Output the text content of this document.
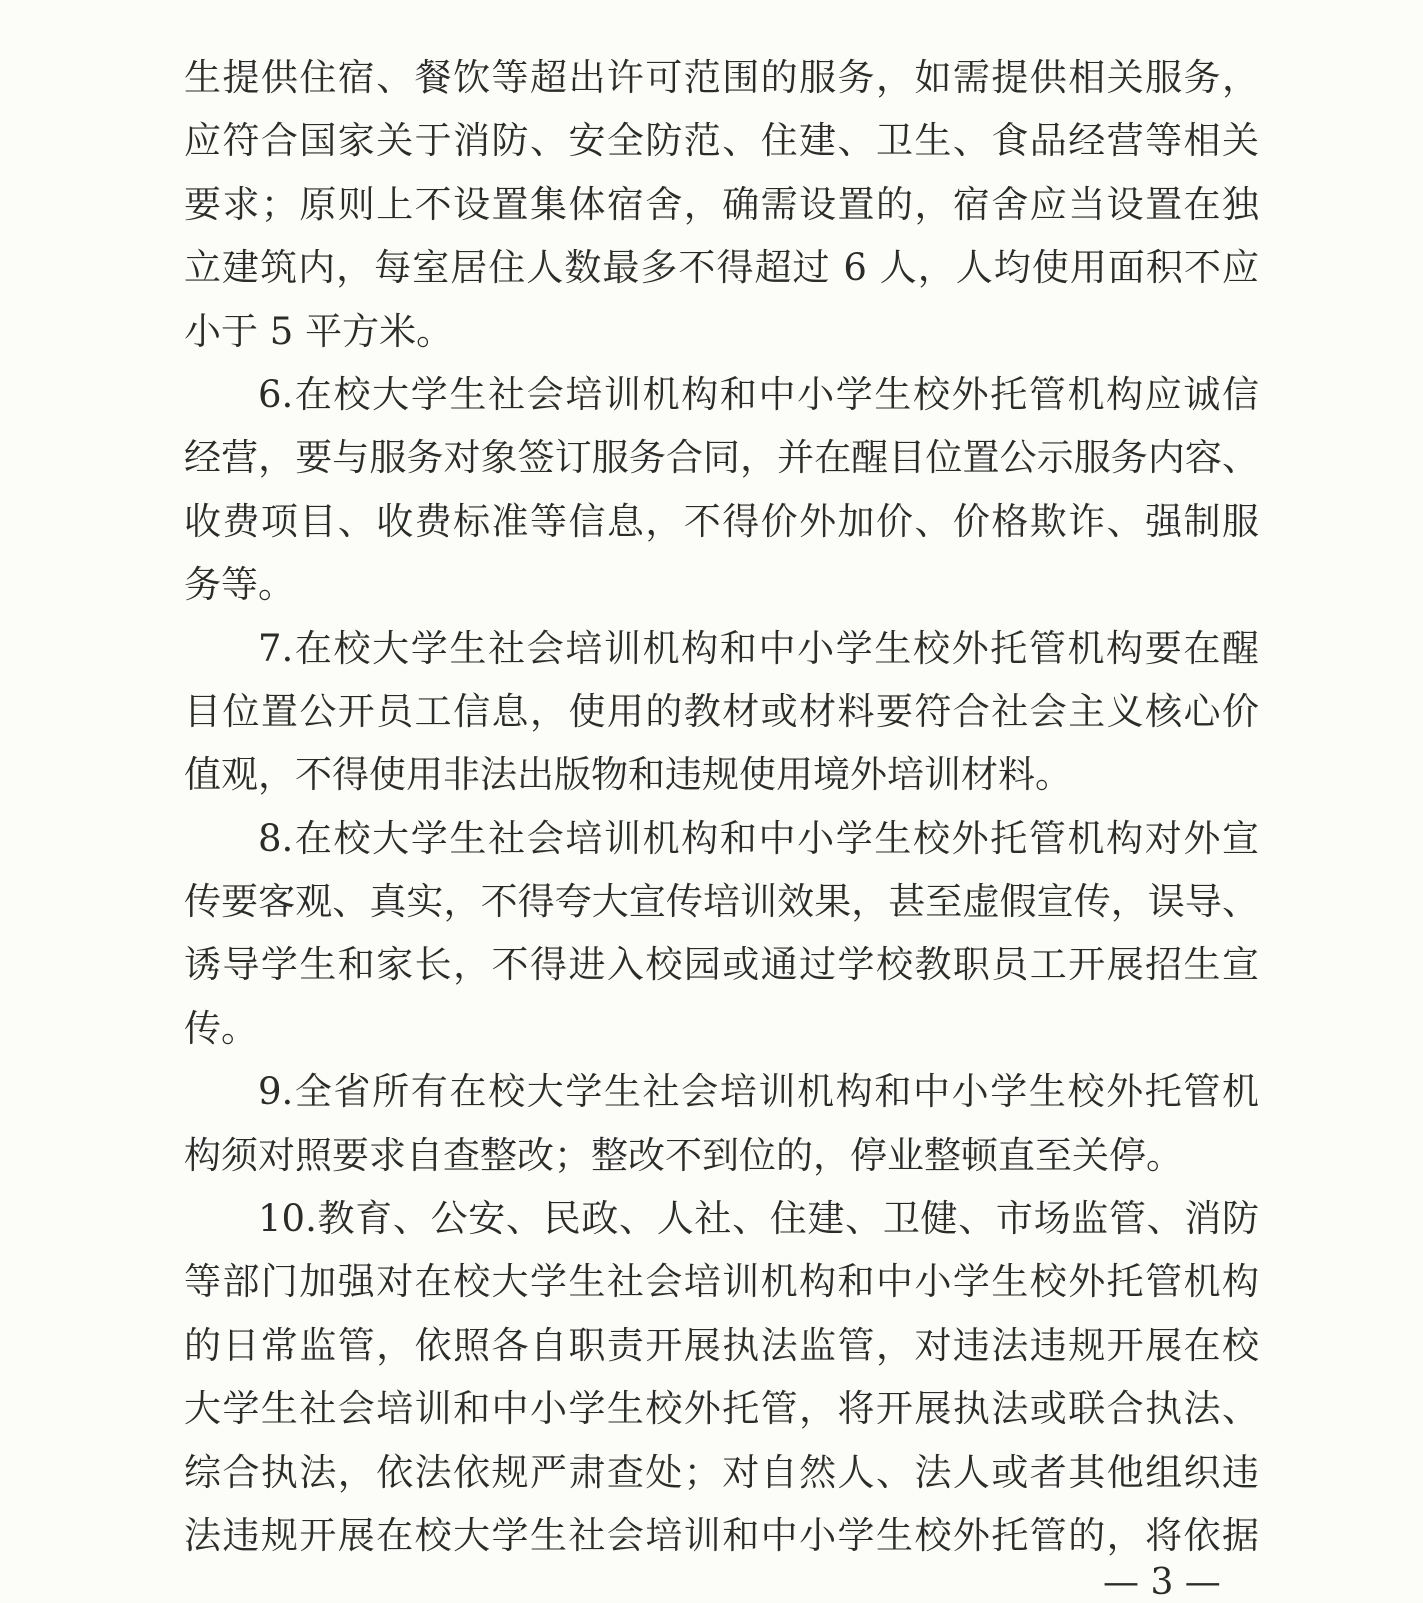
生提供住宿、餐饮等超出许可范围的服务，如需提供相关服务，
应符合国家关于消防、安全防范、住建、卫生、食品经营等相关
要求；原则上不设置集体宿舍，确需设置的，宿舍应当设置在独
立建筑内，每室居住人数最多不得超过 6 人，人均使用面积不应
小于 5 平方米。
6.在校大学生社会培训机构和中小学生校外托管机构应诚信
经营，要与服务对象签订服务合同，并在醒目位置公示服务内容、
收费项目、收费标准等信息，不得价外加价、价格欺诈、强制服
务等。
7.在校大学生社会培训机构和中小学生校外托管机构要在醒
目位置公开员工信息，使用的教材或材料要符合社会主义核心价
值观，不得使用非法出版物和违规使用境外培训材料。
8.在校大学生社会培训机构和中小学生校外托管机构对外宣
传要客观、真实，不得夸大宣传培训效果，甚至虚假宣传，误导、
诱导学生和家长，不得进入校园或通过学校教职员工开展招生宣
传。
9.全省所有在校大学生社会培训机构和中小学生校外托管机
构须对照要求自查整改；整改不到位的，停业整顿直至关停。
10.教育、公安、民政、人社、住建、卫健、市场监管、消防
等部门加强对在校大学生社会培训机构和中小学生校外托管机构
的日常监管，依照各自职责开展执法监管，对违法违规开展在校
大学生社会培训和中小学生校外托管，将开展执法或联合执法、
综合执法，依法依规严肃查处；对自然人、法人或者其他组织违
法违规开展在校大学生社会培训和中小学生校外托管的，将依据
— 3 —
